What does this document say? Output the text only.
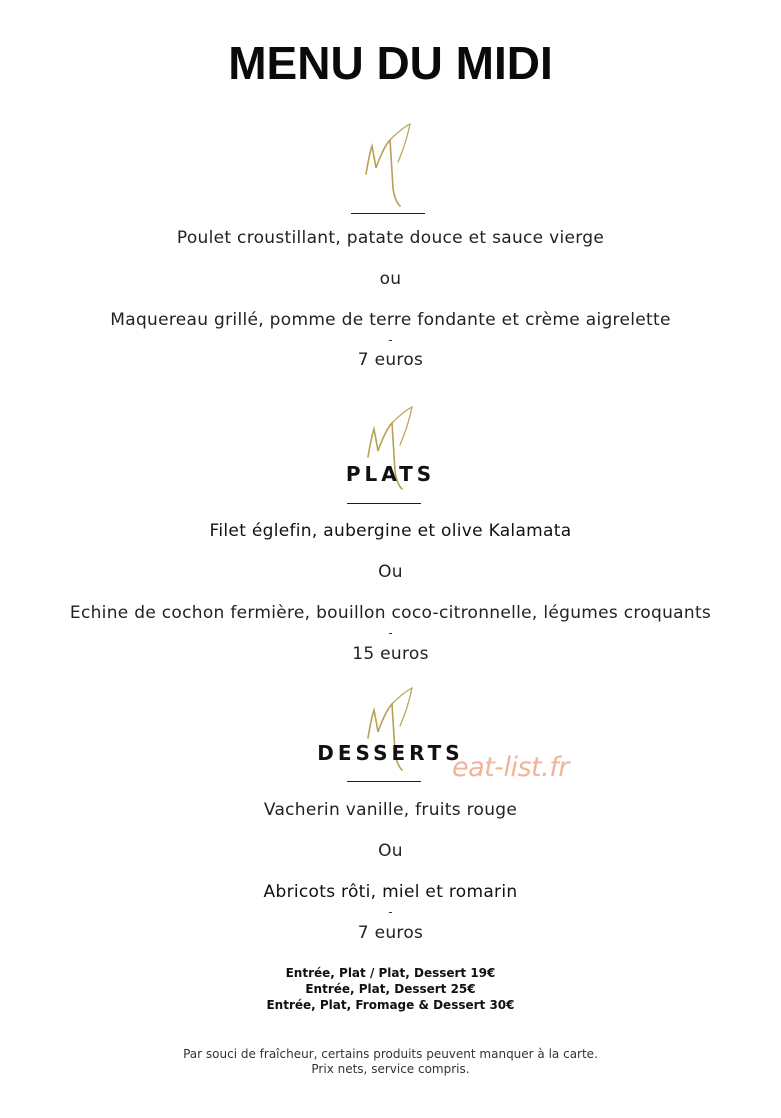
MENU DU MIDI
Poulet croustillant, patate douce et sauce vierge
ou
Maquereau grillé, pomme de terre fondante et crème aigrelette
-
7 euros
PLATS
Filet églefin, aubergine et olive Kalamata
Ou
Echine de cochon fermière, bouillon coco-citronnelle, légumes croquants
-
15 euros
DESSERTS
eat-list.fr
Vacherin vanille, fruits rouge
Ou
Abricots rôti, miel et romarin
-
7 euros
Entrée, Plat / Plat, Dessert 19€
Entrée, Plat, Dessert 25€
Entrée, Plat, Fromage & Dessert 30€
Par souci de fraîcheur, certains produits peuvent manquer à la carte.
Prix nets, service compris.
